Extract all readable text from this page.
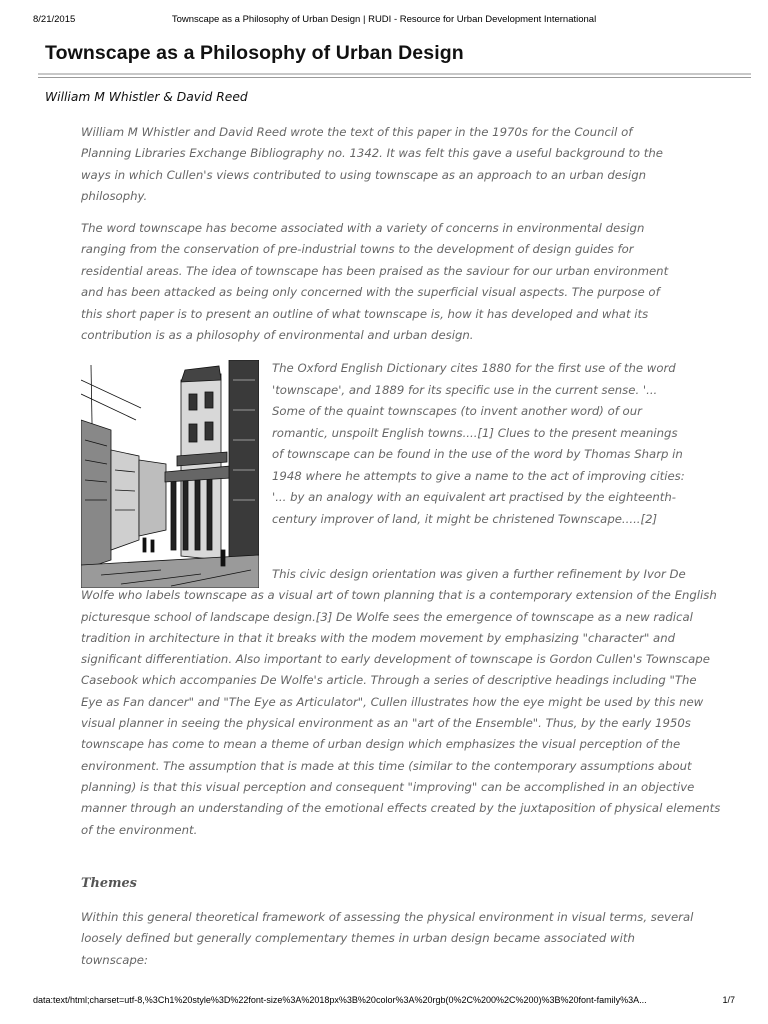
8/21/2015	Townscape as a Philosophy of Urban Design | RUDI - Resource for Urban Development International
Townscape as a Philosophy of Urban Design
William M Whistler & David Reed

William M Whistler and David Reed wrote the text of this paper in the 1970s for the Council of Planning Libraries Exchange Bibliography no. 1342. It was felt this gave a useful background to the ways in which Cullen's views contributed to using townscape as an approach to an urban design philosophy.

The word townscape has become associated with a variety of concerns in environmental design ranging from the conservation of pre-industrial towns to the development of design guides for residential areas. The idea of townscape has been praised as the saviour for our urban environment and has been attacked as being only concerned with the superficial visual aspects. The purpose of this short paper is to present an outline of what townscape is, how it has developed and what its contribution is as a philosophy of environmental and urban design.

The Oxford English Dictionary cites 1880 for the first use of the word 'townscape', and 1889 for its specific use in the current sense. '... Some of the quaint townscapes (to invent another word) of our romantic, unspoilt English towns....[1] Clues to the present meanings of townscape can be found in the use of the word by Thomas Sharp in 1948 where he attempts to give a name to the act of improving cities: '... by an analogy with an equivalent art practised by the eighteenth-century improver of land, it might be christened Townscape.....[2]

This civic design orientation was given a further refinement by Ivor De Wolfe who labels townscape as a visual art of town planning that is a contemporary extension of the English picturesque school of landscape design.[3] De Wolfe sees the emergence of townscape as a new radical tradition in architecture in that it breaks with the modem movement by emphasizing "character" and significant differentiation. Also important to early development of townscape is Gordon Cullen's Townscape Casebook which accompanies De Wolfe's article. Through a series of descriptive headings including "The Eye as Fan dancer" and "The Eye as Articulator", Cullen illustrates how the eye might be used by this new visual planner in seeing the physical environment as an "art of the Ensemble". Thus, by the early 1950s townscape has come to mean a theme of urban design which emphasizes the visual perception of the environment. The assumption that is made at this time (similar to the contemporary assumptions about planning) is that this visual perception and consequent "improving" can be accomplished in an objective manner through an understanding of the emotional effects created by the juxtaposition of physical elements of the environment.

Themes

Within this general theoretical framework of assessing the physical environment in visual terms, several loosely defined but generally complementary themes in urban design became associated with townscape:

data:text/html;charset=utf-8,%3Ch1%20style%3D%22font-size%3A%2018px%3B%20color%3A%20rgb(0%2C%200%2C%200)%3B%20font-family%3A...	1/7
